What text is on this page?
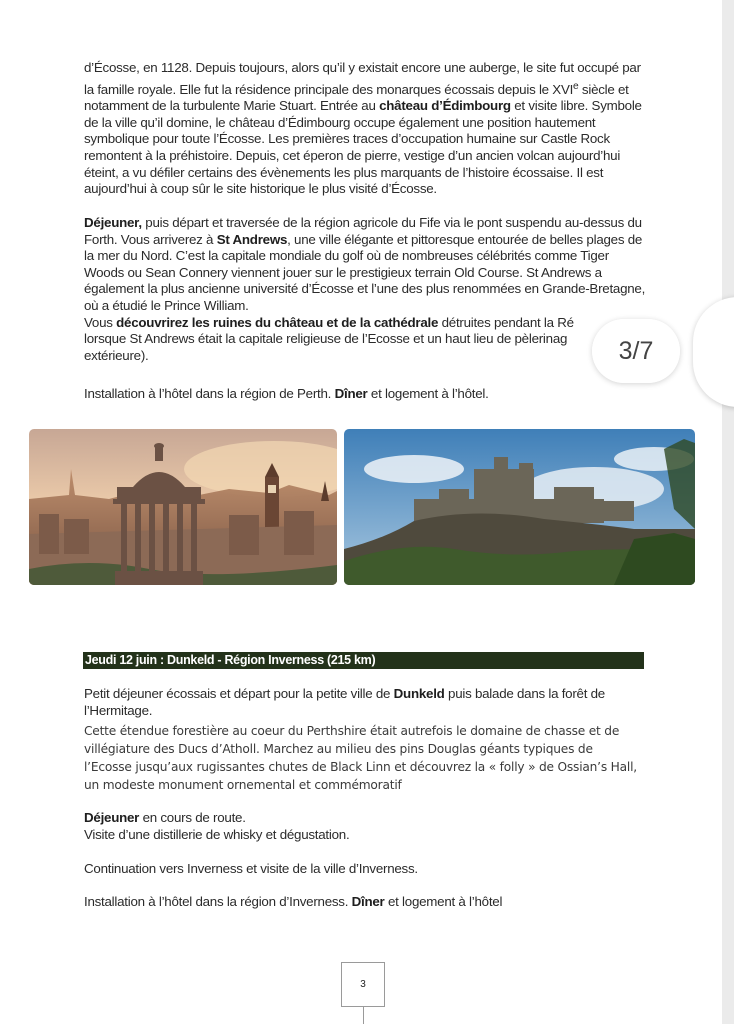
d’Écosse, en 1128. Depuis toujours, alors qu’il y existait encore une auberge, le site fut occupé par

la famille royale. Elle fut la résidence principale des monarques écossais depuis le XVIe siècle et

notamment de la turbulente Marie Stuart. Entrée au château d’Édimbourg et visite libre. Symbole

de la ville qu’il domine, le château d’Édimbourg occupe également une position hautement

symbolique pour toute l’Écosse. Les premières traces d’occupation humaine sur Castle Rock

remontent à la préhistoire. Depuis, cet éperon de pierre, vestige d’un ancien volcan aujourd’hui

éteint, a vu défiler certains des évènements les plus marquants de l’histoire écossaise. Il est

aujourd’hui à coup sûr le site historique le plus visité d’Écosse.

Déjeuner, puis départ et traversée de la région agricole du Fife via le pont suspendu au-dessus du

Forth. Vous arriverez à St Andrews, une ville élégante et pittoresque entourée de belles plages de

la mer du Nord. C’est la capitale mondiale du golf où de nombreuses célébrités comme Tiger

Woods ou Sean Connery viennent jouer sur le prestigieux terrain Old Course. St Andrews a

également la plus ancienne université d’Écosse et l’une des plus renommées en Grande-Bretagne,

où a étudié le Prince William.

Vous découvrirez les ruines du château et de la cathédrale détruites pendant la Ré

lorsque St Andrews était la capitale religieuse de l’Ecosse et un haut lieu de pèlerinag

extérieure).

Installation à l’hôtel dans la région de Perth. Dîner et logement à l’hôtel.
Jeudi 12 juin : Dunkeld - Région Inverness (215 km)

Petit déjeuner écossais et départ pour la petite ville de Dunkeld puis balade dans la forêt de

l’Hermitage.

Cette étendue forestière au coeur du Perthshire était autrefois le domaine de chasse et de

villégiature des Ducs d’Atholl. Marchez au milieu des pins Douglas géants typiques de

l’Ecosse jusqu’aux rugissantes chutes de Black Linn et découvrez la « folly » de Ossian’s Hall,

un modeste monument ornemental et commémoratif

Déjeuner en cours de route.

Visite d’une distillerie de whisky et dégustation.

Continuation vers Inverness et visite de la ville d’Inverness.
Installation à l’hôtel dans la région d’Inverness. Dîner et logement à l’hôtel
3
3/7
